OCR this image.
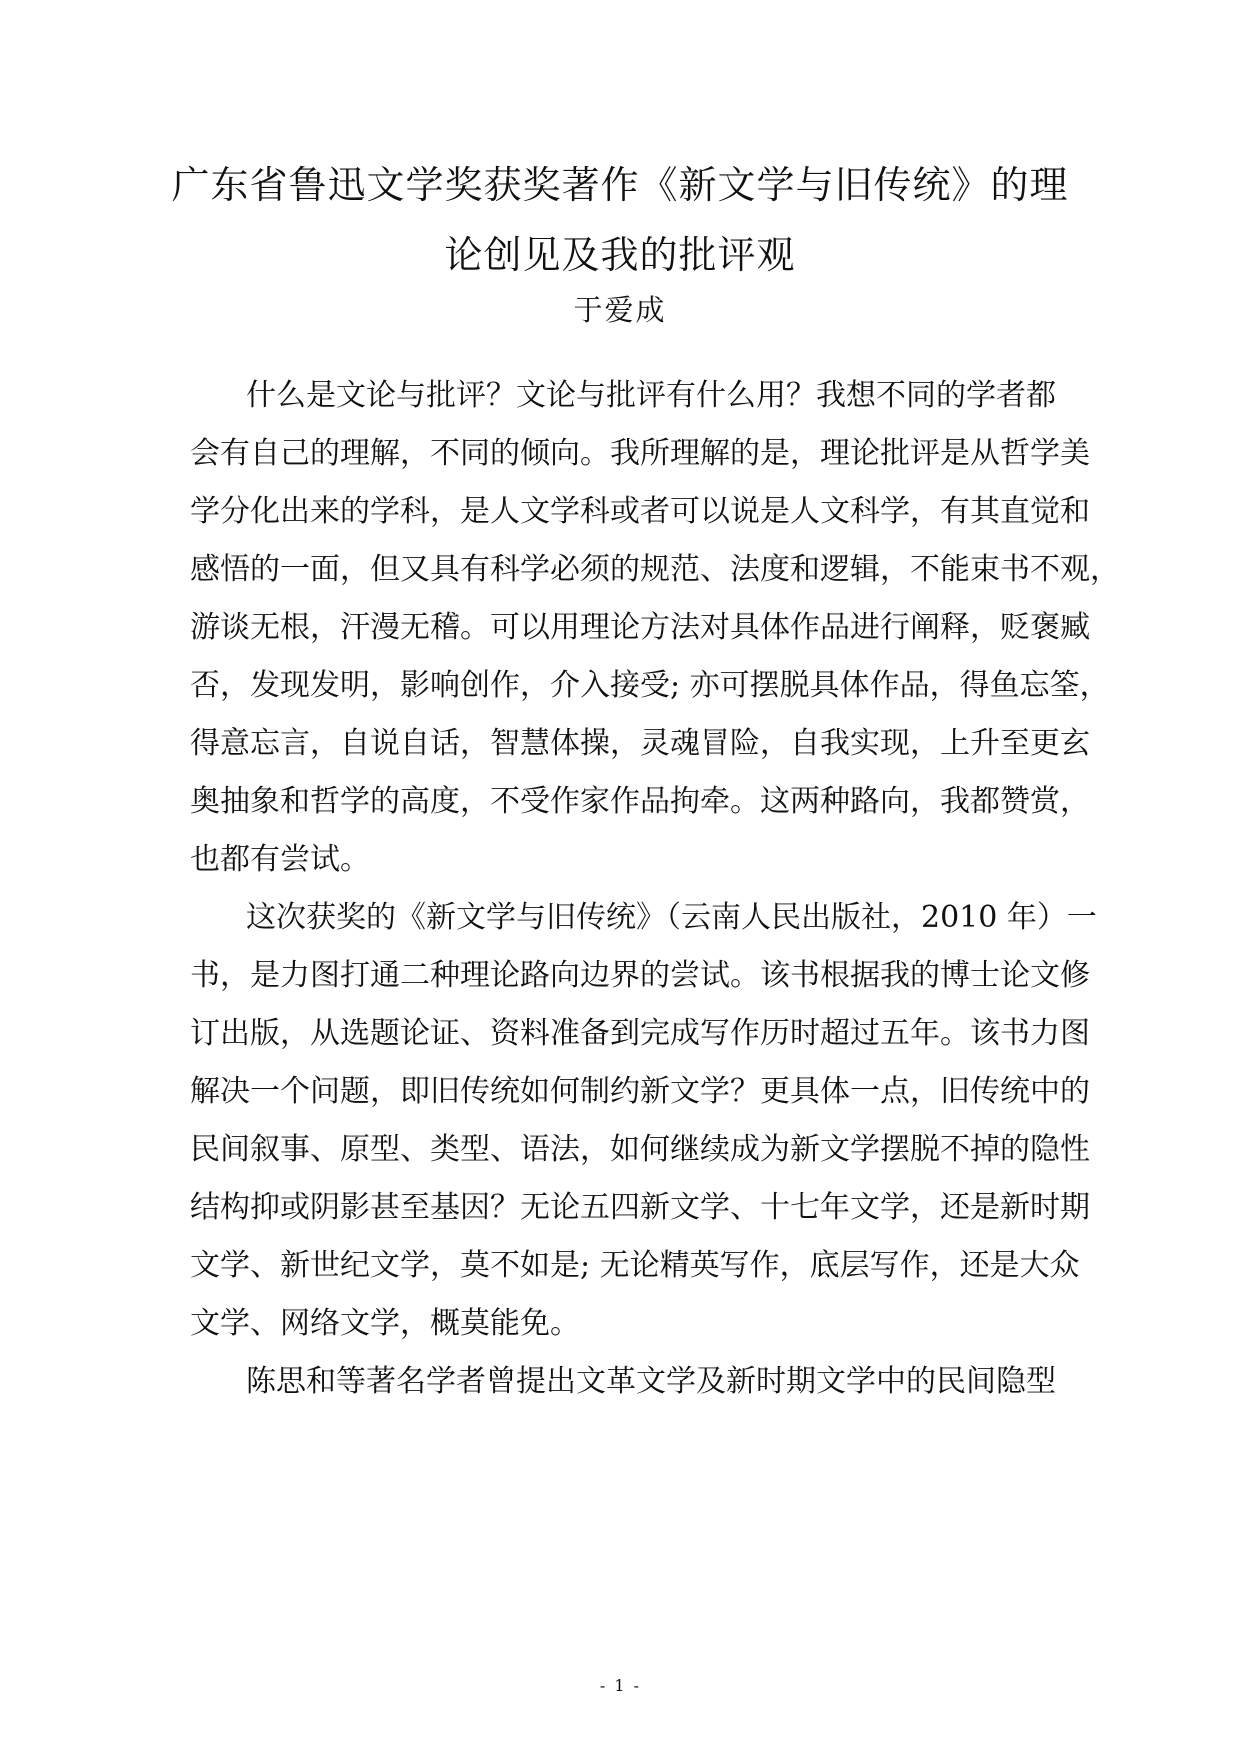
广东省鲁迅文学奖获奖著作《新文学与旧传统》的理
论创见及我的批评观
于爱成
什么是文论与批评？文论与批评有什么用？我想不同的学者都
会有自己的理解，不同的倾向。我所理解的是，理论批评是从哲学美
学分化出来的学科，是人文学科或者可以说是人文科学，有其直觉和
感悟的一面，但又具有科学必须的规范、法度和逻辑，不能束书不观，
游谈无根，汗漫无稽。可以用理论方法对具体作品进行阐释，贬褒臧
否，发现发明，影响创作，介入接受; 亦可摆脱具体作品，得鱼忘筌，
得意忘言，自说自话，智慧体操，灵魂冒险，自我实现，上升至更玄
奥抽象和哲学的高度，不受作家作品拘牵。这两种路向，我都赞赏，
也都有尝试。
这次获奖的《新文学与旧传统》（云南人民出版社，2010 年）一
书，是力图打通二种理论路向边界的尝试。该书根据我的博士论文修
订出版，从选题论证、资料准备到完成写作历时超过五年。该书力图
解决一个问题，即旧传统如何制约新文学？更具体一点，旧传统中的
民间叙事、原型、类型、语法，如何继续成为新文学摆脱不掉的隐性
结构抑或阴影甚至基因？无论五四新文学、十七年文学，还是新时期
文学、新世纪文学，莫不如是; 无论精英写作，底层写作，还是大众
文学、网络文学，概莫能免。
陈思和等著名学者曾提出文革文学及新时期文学中的民间隐型
- 1 -
